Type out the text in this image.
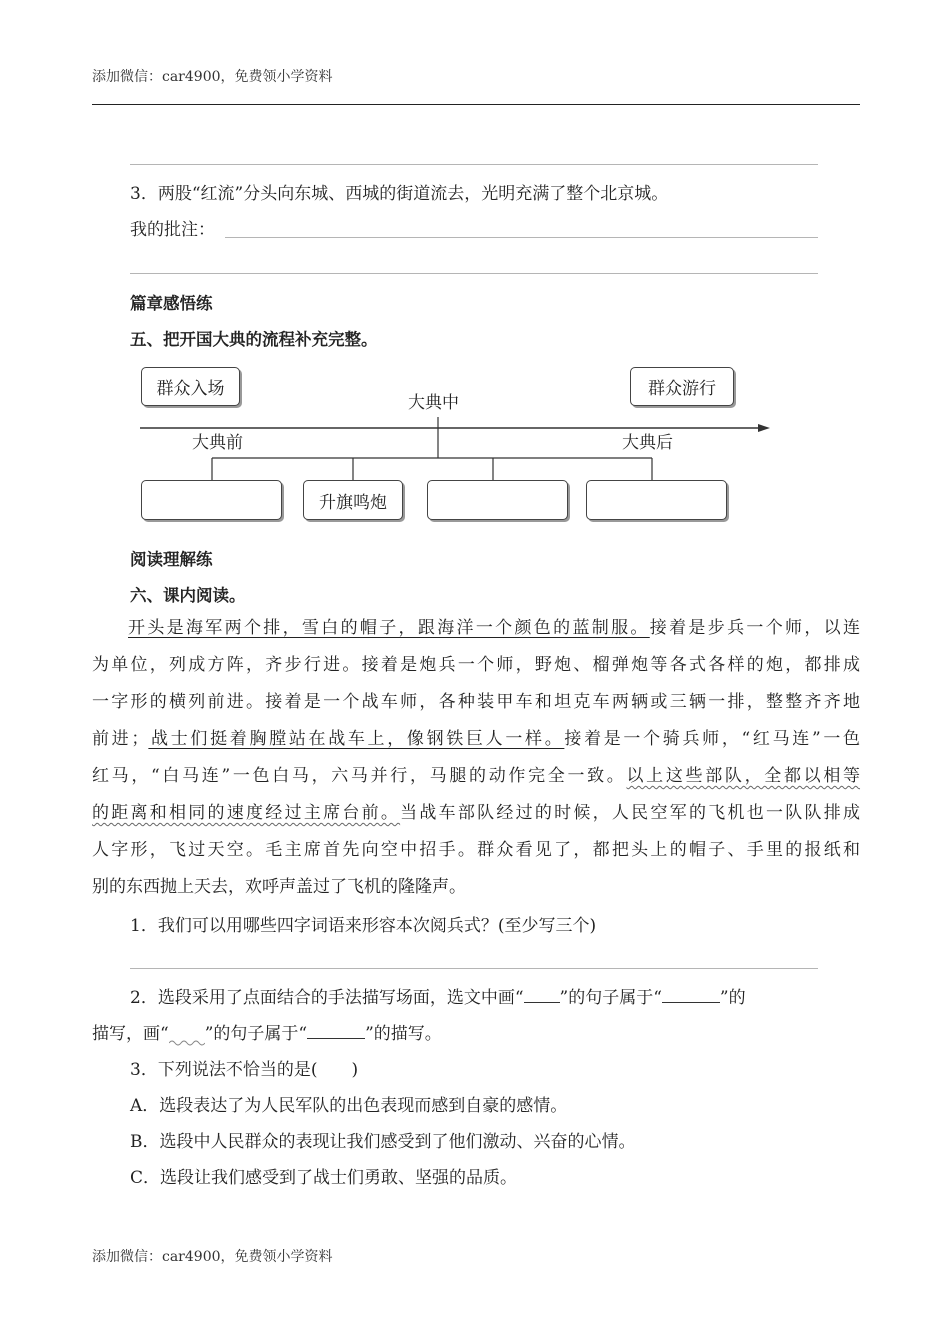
添加微信：car4900，免费领小学资料
3．两股“红流”分头向东城、西城的街道流去，光明充满了整个北京城。
我的批注：
篇章感悟练
五、把开国大典的流程补充完整。
群众入场	群众游行
大典中
大典前	大典后
升旗鸣炮
阅读理解练
六、课内阅读。
开头是海军两个排，雪白的帽子，跟海洋一个颜色的蓝制服。接着是步兵一个师，以连
为单位，列成方阵，齐步行进。接着是炮兵一个师，野炮、榴弹炮等各式各样的炮，都排成
一字形的横列前进。接着是一个战车师，各种装甲车和坦克车两辆或三辆一排，整整齐齐地
前进；战士们挺着胸膛站在战车上，像钢铁巨人一样。接着是一个骑兵师，“红马连”一色
红马，“白马连”一色白马，六马并行，马腿的动作完全一致。以上这些部队，全都以相等
的距离和相同的速度经过主席台前。当战车部队经过的时候，人民空军的飞机也一队队排成
人字形，飞过天空。毛主席首先向空中招手。群众看见了，都把头上的帽子、手里的报纸和
别的东西抛上天去，欢呼声盖过了飞机的隆隆声。
1．我们可以用哪些四字词语来形容本次阅兵式？(至少写三个)
2．选段采用了点面结合的手法描写场面，选文中画“ ”的句子属于“	”的
描写，画“ ”的句子属于“	”的描写。
3．下列说法不恰当的是(　　)
A．选段表达了为人民军队的出色表现而感到自豪的感情。
B．选段中人民群众的表现让我们感受到了他们激动、兴奋的心情。
C．选段让我们感受到了战士们勇敢、坚强的品质。
添加微信：car4900，免费领小学资料
